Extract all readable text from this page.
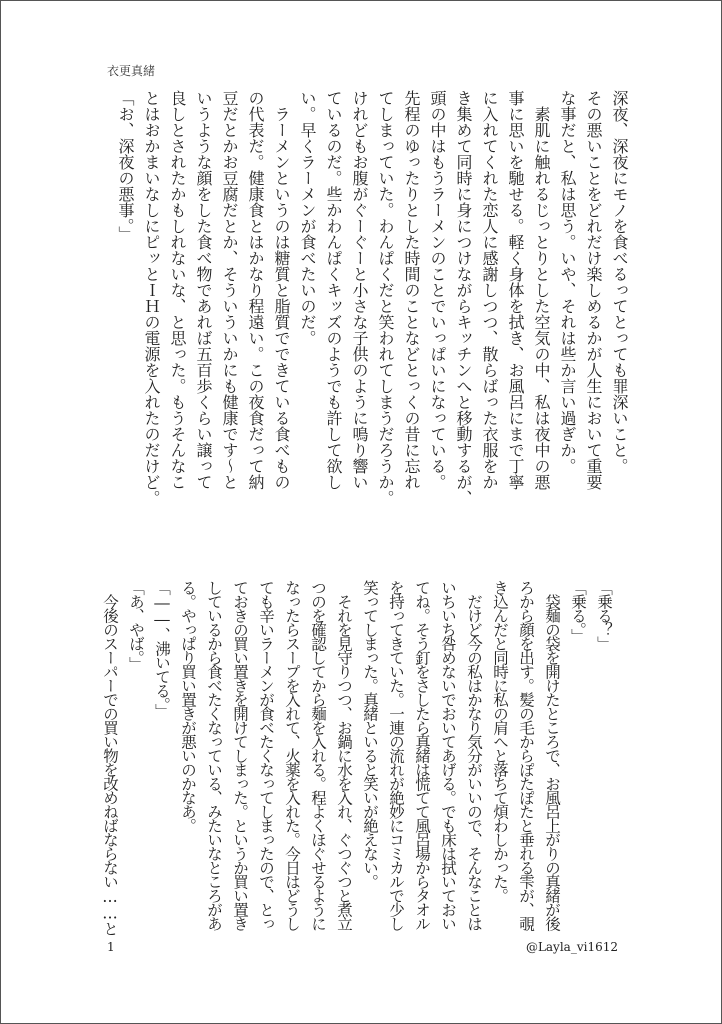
衣更真緒
深夜、深夜にモノを食べるってとっても罪深いこと。
その悪いことをどれだけ楽しめるかが人生において重要
な事だと、私は思う。いや、それは些か言い過ぎか。
　素肌に触れるじっとりとした空気の中、私は夜中の悪
事に思いを馳せる。軽く身体を拭き、お風呂にまで丁寧
に入れてくれた恋人に感謝しつつ、散らばった衣服をか
き集めて同時に身につけながらキッチンへと移動するが、
頭の中はもうラーメンのことでいっぱいになっている。
先程のゆったりとした時間のことなどとっくの昔に忘れ
てしまっていた。わんぱくだと笑われてしまうだろうか。
けれどもお腹がぐーぐーと小さな子供のように鳴り響い
ているのだ。些かわんぱくキッズのようでも許して欲し
い。早くラーメンが食べたいのだ。
　ラーメンというのは糖質と脂質でできている食べもの
の代表だ。健康食とはかなり程遠い。この夜食だって納
豆だとかお豆腐だとか、そういういかにも健康です～と
いうような顔をした食べ物であれば五百歩くらい譲って
良しとされたかもしれないな、と思った。もうそんなこ
とはおかまいなしにピッとＩＨの電源を入れたのだけど。
「お、深夜の悪事。」
「乗る？」
「乗る。」
　袋麺の袋を開けたところで、お風呂上がりの真緒が後
ろから顔を出す。髪の毛からぽたぽたと垂れる雫が、覗
き込んだと同時に私の肩へと落ちて煩わしかった。
　だけど今の私はかなり気分がいいので、そんなことは
いちいち咎めないでおいてあげる。でも床は拭いておい
てね。そう釘をさしたら真緒は慌てて風呂場からタオル
を持ってきていた。一連の流れが絶妙にコミカルで少し
笑ってしまった。真緒といると笑いが絶えない。
　それを見守りつつ、お鍋に水を入れ、ぐつぐつと煮立
つのを確認してから麺を入れる。程よくほぐせるように
なったらスープを入れて、火薬を入れた。今日はどうし
ても辛いラーメンが食べたくなってしまったので、とっ
ておきの買い置きを開けてしまった。というか買い置き
しているから食べたくなっている、みたいなところがあ
る。やっぱり買い置きが悪いのかなあ。
「――、沸いてる。」
「あ、やば。」
　今後のスーパーでの買い物を改めねばならない……と
1	@Layla_vi1612
